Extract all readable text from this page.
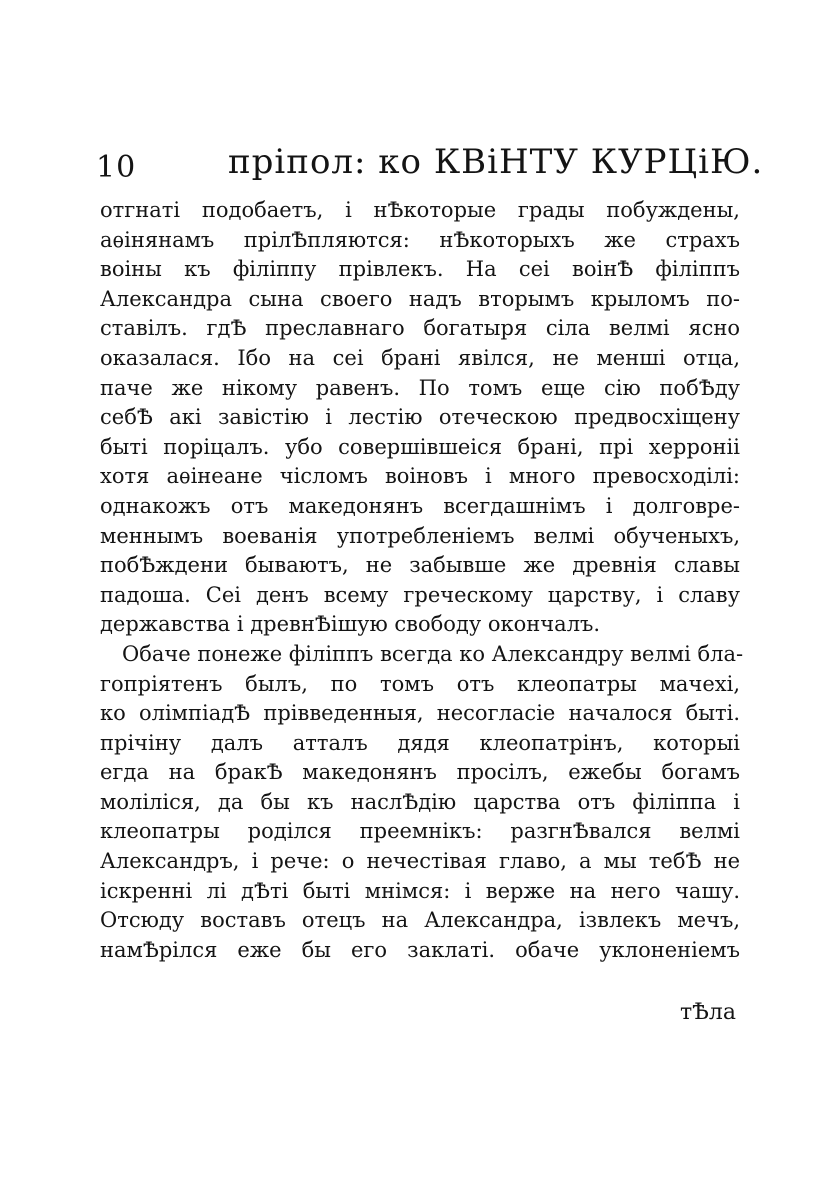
10	прiпол: ко КВiНТУ КУРЦiЮ.
отгнатi подобаетъ, i нѢкоторые грады побуждены,
аѳiнянамъ прiлѢпляются: нѢкоторыхъ же страхъ
воiны къ фiлiппу прiвлекъ. На сеi воiнѢ фiлiппъ
Александра сына своего надъ вторымъ крыломъ по-
ставiлъ. гдѢ преславнаго богатыря сiла велмi ясно
оказалася. Iбо на сеi бранi явiлся, не меншi отца,
паче же нiкому равенъ. По томъ еще сiю побѢду
себѢ акi завiстiю i лестiю отеческою предвосхiщену
бытi порiцалъ. убо совершiвшеiся бранi, прi херронii
хотя аѳiнеане чiсломъ воiновъ i много превосходiлi:
однакожъ отъ македонянъ всегдашнiмъ i долговре-
меннымъ воеванiя употребленiемъ велмi обученыхъ,
побѢждени бываютъ, не забывше же древнiя славы
падоша. Сеi денъ всему греческому царству, i славу
державства i древнѢiшую свободу окончалъ.
Обаче понеже фiлiппъ всегда ко Александру велмi бла-
гопрiятенъ былъ, по томъ отъ клеопатры мачехi,
ко олiмпiадѢ прiвведенныя, несогласiе началося бытi.
прiчiну далъ атталъ дядя клеопатрiнъ, которыi
егда на бракѢ македонянъ просiлъ, ежебы богамъ
молiлiся, да бы къ наслѢдiю царства отъ фiлiппа i
клеопатры родiлся преемнiкъ: разгнѢвался велмi
Александръ, i рече: о нечестiвая главо, а мы тебѢ не
iскреннi лi дѢтi бытi мнiмся: i верже на него чашу.
Отсюду воставъ отецъ на Александра, iзвлекъ мечъ,
намѢрiлся еже бы его заклатi. обаче уклоненiемъ
тѢла
